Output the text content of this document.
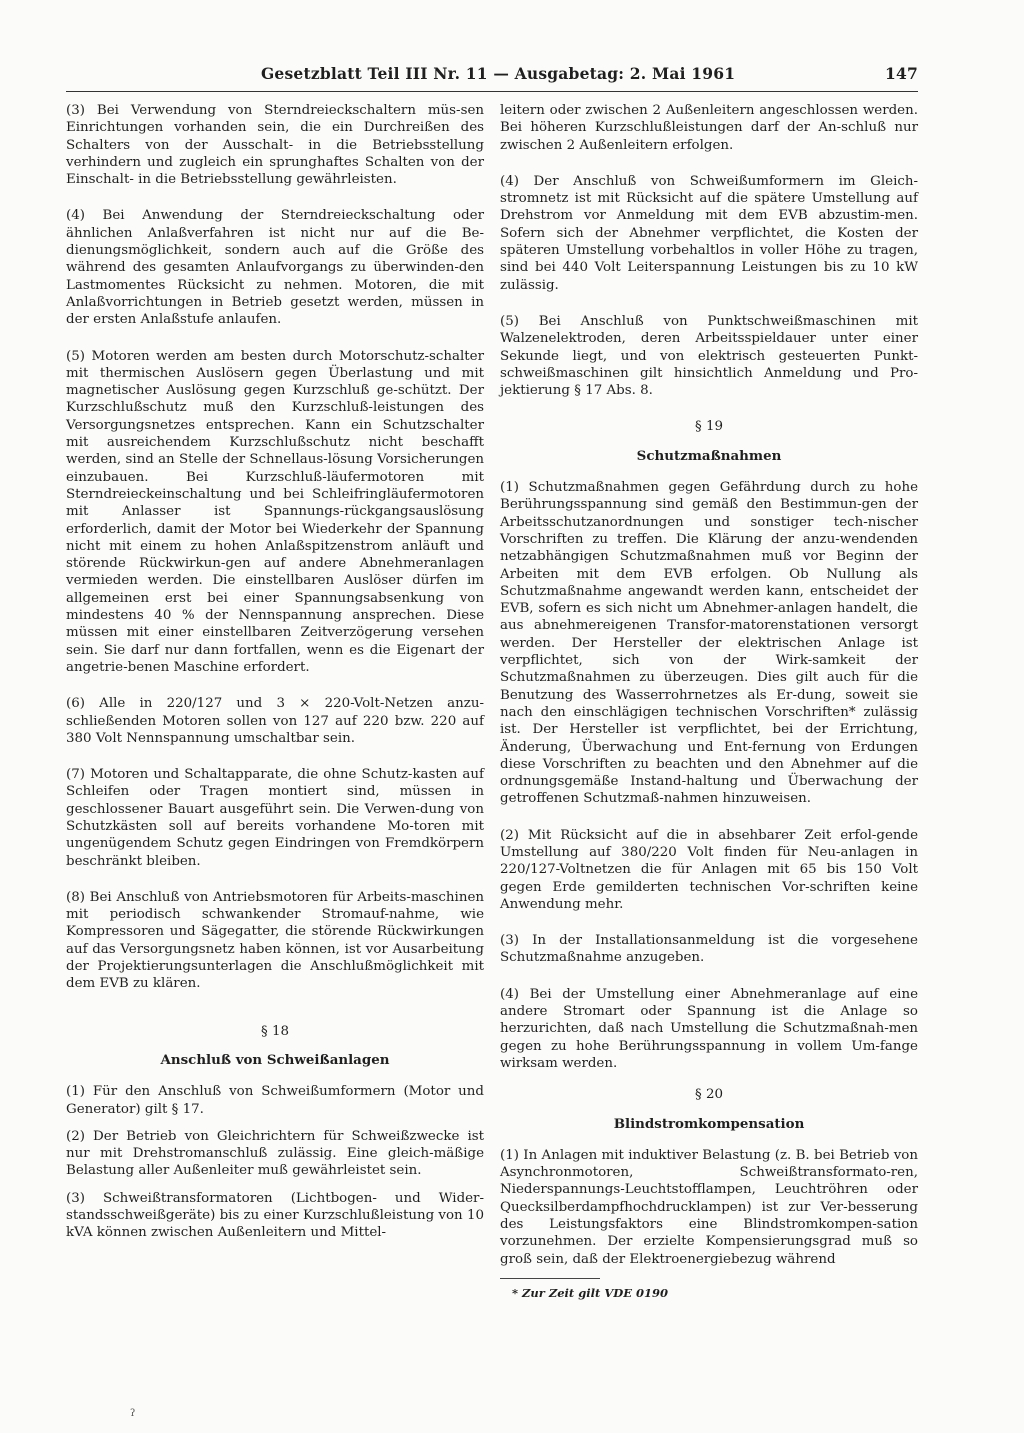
Gesetzblatt Teil III Nr. 11 — Ausgabetag: 2. Mai 1961	147

(3) Bei Verwendung von Sterndreieckschaltern müs-sen Einrichtungen vorhanden sein, die ein Durchreißen des Schalters von der Ausschalt- in die Betriebsstellung verhindern und zugleich ein sprunghaftes Schalten von der Einschalt- in die Betriebsstellung gewährleisten.

(4) Bei Anwendung der Sterndreieckschaltung oder ähnlichen Anlaßverfahren ist nicht nur auf die Be-dienungsmöglichkeit, sondern auch auf die Größe des während des gesamten Anlaufvorgangs zu überwinden-den Lastmomentes Rücksicht zu nehmen. Motoren, die mit Anlaßvorrichtungen in Betrieb gesetzt werden, müssen in der ersten Anlaßstufe anlaufen.

(5) Motoren werden am besten durch Motorschutz-schalter mit thermischen Auslösern gegen Überlastung und mit magnetischer Auslösung gegen Kurzschluß ge-schützt. Der Kurzschlußschutz muß den Kurzschluß-leistungen des Versorgungsnetzes entsprechen. Kann ein Schutzschalter mit ausreichendem Kurzschlußschutz nicht beschafft werden, sind an Stelle der Schnellaus-lösung Vorsicherungen einzubauen. Bei Kurzschluß-läufermotoren mit Sterndreieckeinschaltung und bei Schleifringläufermotoren mit Anlasser ist Spannungs-rückgangsauslösung erforderlich, damit der Motor bei Wiederkehr der Spannung nicht mit einem zu hohen Anlaßspitzenstrom anläuft und störende Rückwirkun-gen auf andere Abnehmeranlagen vermieden werden. Die einstellbaren Auslöser dürfen im allgemeinen erst bei einer Spannungsabsenkung von mindestens 40 % der Nennspannung ansprechen. Diese müssen mit einer einstellbaren Zeitverzögerung versehen sein. Sie darf nur dann fortfallen, wenn es die Eigenart der angetrie-benen Maschine erfordert.

(6) Alle in 220/127 und 3 × 220-Volt-Netzen anzu-schließenden Motoren sollen von 127 auf 220 bzw. 220 auf 380 Volt Nennspannung umschaltbar sein.

(7) Motoren und Schaltapparate, die ohne Schutz-kasten auf Schleifen oder Tragen montiert sind, müssen in geschlossener Bauart ausgeführt sein. Die Verwen-dung von Schutzkästen soll auf bereits vorhandene Mo-toren mit ungenügendem Schutz gegen Eindringen von Fremdkörpern beschränkt bleiben.

(8) Bei Anschluß von Antriebsmotoren für Arbeits-maschinen mit periodisch schwankender Stromauf-nahme, wie Kompressoren und Sägegatter, die störende Rückwirkungen auf das Versorgungsnetz haben können, ist vor Ausarbeitung der Projektierungsunterlagen die Anschlußmöglichkeit mit dem EVB zu klären.

§ 18
Anschluß von Schweißanlagen

(1) Für den Anschluß von Schweißumformern (Motor und Generator) gilt § 17.

(2) Der Betrieb von Gleichrichtern für Schweißzwecke ist nur mit Drehstromanschluß zulässig. Eine gleich-mäßige Belastung aller Außenleiter muß gewährleistet sein.

(3) Schweißtransformatoren (Lichtbogen- und Wider-standsschweißgeräte) bis zu einer Kurzschlußleistung von 10 kVA können zwischen Außenleitern und Mittel-

leitern oder zwischen 2 Außenleitern angeschlossen werden. Bei höheren Kurzschlußleistungen darf der An-schluß nur zwischen 2 Außenleitern erfolgen.

(4) Der Anschluß von Schweißumformern im Gleich-stromnetz ist mit Rücksicht auf die spätere Umstellung auf Drehstrom vor Anmeldung mit dem EVB abzustim-men. Sofern sich der Abnehmer verpflichtet, die Kosten der späteren Umstellung vorbehaltlos in voller Höhe zu tragen, sind bei 440 Volt Leiterspannung Leistungen bis zu 10 kW zulässig.

(5) Bei Anschluß von Punktschweißmaschinen mit Walzenelektroden, deren Arbeitsspieldauer unter einer Sekunde liegt, und von elektrisch gesteuerten Punkt-schweißmaschinen gilt hinsichtlich Anmeldung und Pro-jektierung § 17 Abs. 8.

§ 19
Schutzmaßnahmen

(1) Schutzmaßnahmen gegen Gefährdung durch zu hohe Berührungsspannung sind gemäß den Bestimmun-gen der Arbeitsschutzanordnungen und sonstiger tech-nischer Vorschriften zu treffen. Die Klärung der anzu-wendenden netzabhängigen Schutzmaßnahmen muß vor Beginn der Arbeiten mit dem EVB erfolgen. Ob Nullung als Schutzmaßnahme angewandt werden kann, entscheidet der EVB, sofern es sich nicht um Abnehmer-anlagen handelt, die aus abnehmereigenen Transfor-matorenstationen versorgt werden. Der Hersteller der elektrischen Anlage ist verpflichtet, sich von der Wirk-samkeit der Schutzmaßnahmen zu überzeugen. Dies gilt auch für die Benutzung des Wasserrohrnetzes als Er-dung, soweit sie nach den einschlägigen technischen Vorschriften* zulässig ist. Der Hersteller ist verpflichtet, bei der Errichtung, Änderung, Überwachung und Ent-fernung von Erdungen diese Vorschriften zu beachten und den Abnehmer auf die ordnungsgemäße Instand-haltung und Überwachung der getroffenen Schutzmaß-nahmen hinzuweisen.

(2) Mit Rücksicht auf die in absehbarer Zeit erfol-gende Umstellung auf 380/220 Volt finden für Neu-anlagen in 220/127-Voltnetzen die für Anlagen mit 65 bis 150 Volt gegen Erde gemilderten technischen Vor-schriften keine Anwendung mehr.

(3) In der Installationsanmeldung ist die vorgesehene Schutzmaßnahme anzugeben.

(4) Bei der Umstellung einer Abnehmeranlage auf eine andere Stromart oder Spannung ist die Anlage so herzurichten, daß nach Umstellung die Schutzmaßnah-men gegen zu hohe Berührungsspannung in vollem Um-fange wirksam werden.

§ 20
Blindstromkompensation

(1) In Anlagen mit induktiver Belastung (z. B. bei Betrieb von Asynchronmotoren, Schweißtransformato-ren, Niederspannungs-Leuchtstofflampen, Leuchtröhren oder Quecksilberdampfhochdrucklampen) ist zur Ver-besserung des Leistungsfaktors eine Blindstromkompen-sation vorzunehmen. Der erzielte Kompensierungsgrad muß so groß sein, daß der Elektroenergiebezug während

* Zur Zeit gilt VDE 0190
ʔ
